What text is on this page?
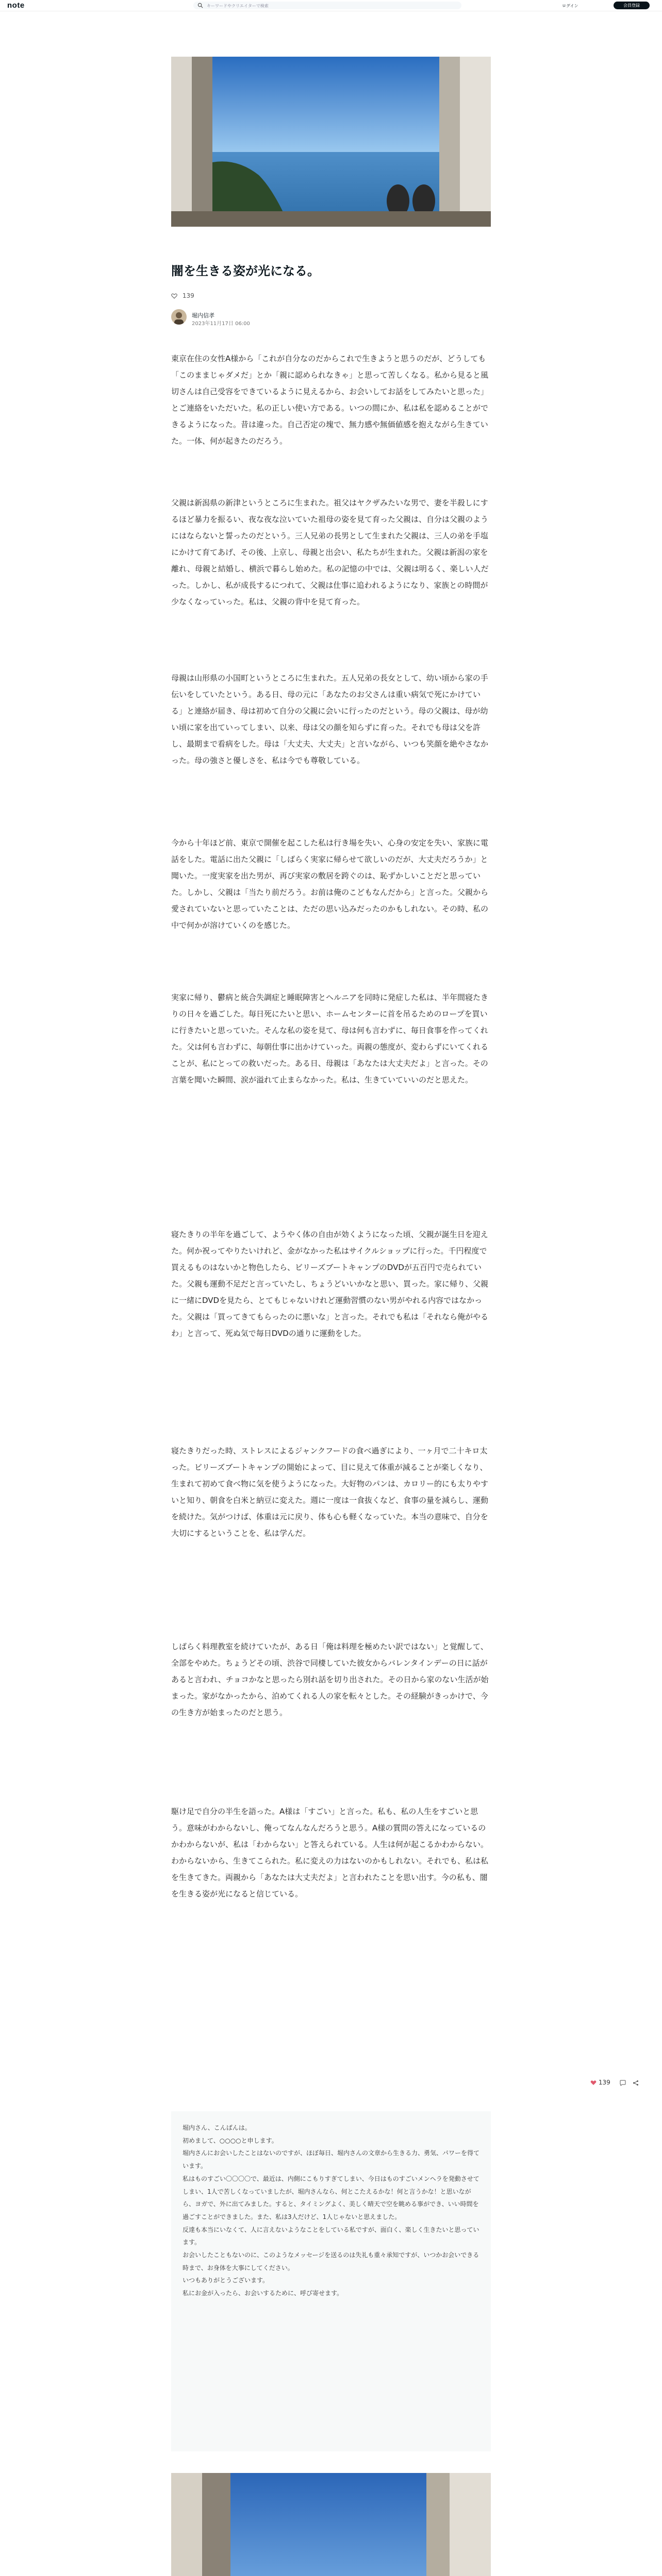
note	キーワードやクリエイターで検索	ログイン	会員登録
闇を生きる姿が光になる。
139
堀内信孝
2023年11月17日 06:00

東京在住の女性A様から「これが自分なのだからこれで生きようと思うのだが、どうしても「このままじゃダメだ」とか「親に認められなきゃ」と思って苦しくなる。私から見ると風切さんは自己受容をできているように見えるから、お会いしてお話をしてみたいと思った」とご連絡をいただいた。私の正しい使い方である。いつの間にか、私は私を認めることができるようになった。昔は違った。自己否定の塊で、無力感や無価値感を抱えながら生きていた。一体、何が起きたのだろう。

父親は新潟県の新津というところに生まれた。祖父はヤクザみたいな男で、妻を半殺しにするほど暴力を振るい、夜な夜な泣いていた祖母の姿を見て育った父親は、自分は父親のようにはならないと誓ったのだという。三人兄弟の長男として生まれた父親は、三人の弟を手塩にかけて育てあげ、その後、上京し、母親と出会い、私たちが生まれた。父親は新潟の家を離れ、母親と結婚し、横浜で暮らし始めた。私の記憶の中では、父親は明るく、楽しい人だった。しかし、私が成長するにつれて、父親は仕事に追われるようになり、家族との時間が少なくなっていった。私は、父親の背中を見て育った。

母親は山形県の小国町というところに生まれた。五人兄弟の長女として、幼い頃から家の手伝いをしていたという。ある日、母の元に「あなたのお父さんは重い病気で死にかけている」と連絡が届き、母は初めて自分の父親に会いに行ったのだという。母の父親は、母が幼い頃に家を出ていってしまい、以来、母は父の顔を知らずに育った。それでも母は父を許し、最期まで看病をした。母は「大丈夫、大丈夫」と言いながら、いつも笑顔を絶やさなかった。母の強さと優しさを、私は今でも尊敬している。

今から十年ほど前、東京で開催を起こした私は行き場を失い、心身の安定を失い、家族に電話をした。電話に出た父親に「しばらく実家に帰らせて欲しいのだが、大丈夫だろうか」と聞いた。一度実家を出た男が、再び実家の敷居を跨ぐのは、恥ずかしいことだと思っていた。しかし、父親は「当たり前だろう。お前は俺のこどもなんだから」と言った。父親から愛されていないと思っていたことは、ただの思い込みだったのかもしれない。その時、私の中で何かが溶けていくのを感じた。

実家に帰り、鬱病と統合失調症と睡眠障害とヘルニアを同時に発症した私は、半年間寝たきりの日々を過ごした。毎日死にたいと思い、ホームセンターに首を吊るためのロープを買いに行きたいと思っていた。そんな私の姿を見て、母は何も言わずに、毎日食事を作ってくれた。父は何も言わずに、毎朝仕事に出かけていった。両親の態度が、変わらずにいてくれることが、私にとっての救いだった。ある日、母親は「あなたは大丈夫だよ」と言った。その言葉を聞いた瞬間、涙が溢れて止まらなかった。私は、生きていていいのだと思えた。

寝たきりの半年を過ごして、ようやく体の自由が効くようになった頃、父親が誕生日を迎えた。何か祝ってやりたいけれど、金がなかった私はサイクルショップに行った。千円程度で買えるものはないかと物色したら、ビリーズブートキャンプのDVDが五百円で売られていた。父親も運動不足だと言っていたし、ちょうどいいかなと思い、買った。家に帰り、父親に一緒にDVDを見たら、とてもじゃないけれど運動習慣のない男がやれる内容ではなかった。父親は「買ってきてもらったのに悪いな」と言った。それでも私は「それなら俺がやるわ」と言って、死ぬ気で毎日DVDの通りに運動をした。

寝たきりだった時、ストレスによるジャンクフードの食べ過ぎにより、一ヶ月で二十キロ太った。ビリーズブートキャンプの開始によって、目に見えて体重が減ることが楽しくなり、生まれて初めて食べ物に気を使うようになった。大好物のパンは、カロリー的にも太りやすいと知り、朝食を白米と納豆に変えた。週に一度は一食抜くなど、食事の量を減らし、運動を続けた。気がつけば、体重は元に戻り、体も心も軽くなっていた。本当の意味で、自分を大切にするということを、私は学んだ。

しばらく料理教室を続けていたが、ある日「俺は料理を極めたい訳ではない」と覚醒して、全部をやめた。ちょうどその頃、渋谷で同棲していた彼女からバレンタインデーの日に話があると言われ、チョコかなと思ったら別れ話を切り出された。その日から家のない生活が始まった。家がなかったから、泊めてくれる人の家を転々とした。その経験がきっかけで、今の生き方が始まったのだと思う。

駆け足で自分の半生を語った。A様は「すごい」と言った。私も、私の人生をすごいと思う。意味がわからないし、俺ってなんなんだろうと思う。A様の質問の答えになっているのかわからないが、私は「わからない」と答えられている。人生は何が起こるかわからない。わからないから、生きてこられた。私に変えの力はないのかもしれない。それでも、私は私を生きてきた。両親から「あなたは大丈夫だよ」と言われたことを思い出す。今の私も、闇を生きる姿が光になると信じている。

139

堀内さん、こんばんは。

初めまして、○○○○と申します。

堀内さんにお会いしたことはないのですが、ほぼ毎日、堀内さんの文章から生きる力、勇気、パワーを得ています。

私はものすごい〇〇〇〇で、最近は、内側にこもりすぎてしまい、今日はものすごいメンヘラを発動させてしまい、1人で苦しくなっていましたが、堀内さんなら、何とこたえるかな！何と言うかな！と思いながら、ヨガで、外に出てみました。すると、タイミングよく、美しく晴天で空を眺める事ができ、いい時間を過ごすことができました。また、私は3人だけど、1人じゃないと思えました。

反達も本当にいなくて、人に言えないようなことをしている私ですが、面白く、楽しく生きたいと思っています。

お会いしたこともないのに、このようなメッセージを送るのは失礼も重々承知ですが、いつかお会いできる時まで、お身体を大事にしてください。

いつもありがとうございます。

私にお金が入ったら、お会いするために、呼び寄せます。
